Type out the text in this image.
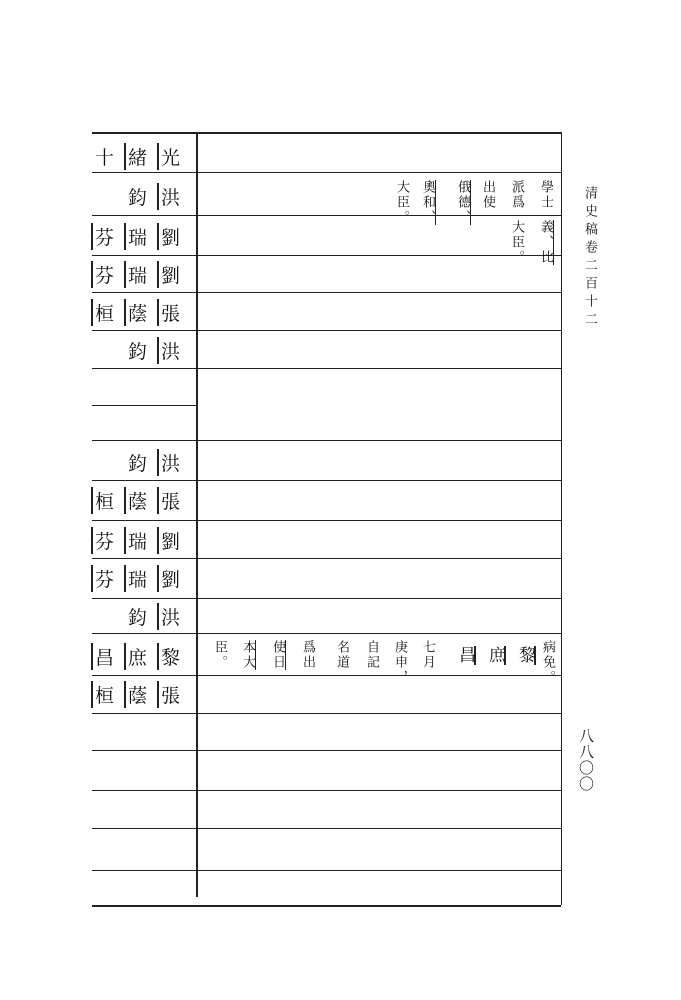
光
緒
十
洪
鈞
劉
瑞
芬
劉
瑞
芬
張
蔭
桓
洪
鈞
洪
鈞
張
蔭
桓
劉
瑞
芬
劉
瑞
芬
洪
鈞
黎
庶
昌
張
蔭
桓
學士
派爲
出使
俄德、
奧和、
大臣。
義、比
大臣。
病免。
黎
庶
昌
七月
庚申，
自記
名道
爲出
使日
本大
臣。
清史稿卷二百十二
八八〇〇
